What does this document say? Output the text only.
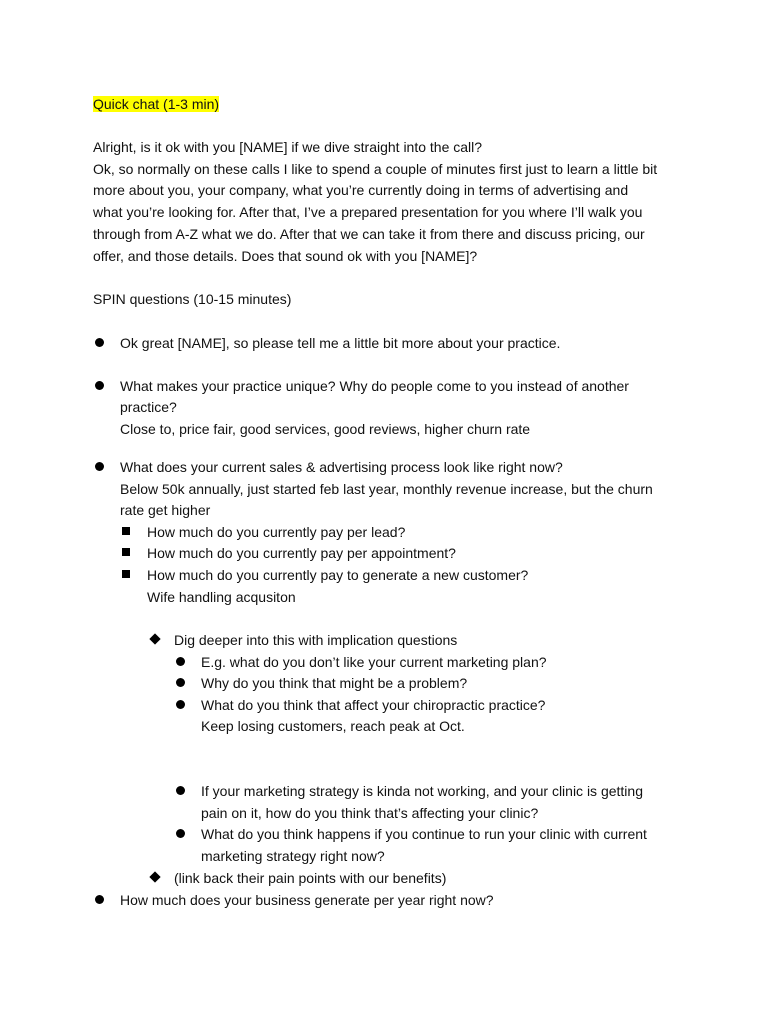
Quick chat (1-3 min)
Alright, is it ok with you [NAME] if we dive straight into the call?
Ok, so normally on these calls I like to spend a couple of minutes first just to learn a little bit
more about you, your company, what you’re currently doing in terms of advertising and
what you’re looking for. After that, I’ve a prepared presentation for you where I’ll walk you
through from A-Z what we do. After that we can take it from there and discuss pricing, our
offer, and those details. Does that sound ok with you [NAME]?
SPIN questions (10-15 minutes)
Ok great [NAME], so please tell me a little bit more about your practice.
What makes your practice unique? Why do people come to you instead of another
practice?
Close to, price fair, good services, good reviews, higher churn rate
What does your current sales & advertising process look like right now?
Below 50k annually, just started feb last year, monthly revenue increase, but the churn
rate get higher
How much do you currently pay per lead?
How much do you currently pay per appointment?
How much do you currently pay to generate a new customer?
Wife handling acqusiton
Dig deeper into this with implication questions
E.g. what do you don’t like your current marketing plan?
Why do you think that might be a problem?
What do you think that affect your chiropractic practice?
Keep losing customers, reach peak at Oct.
If your marketing strategy is kinda not working, and your clinic is getting
pain on it, how do you think that’s affecting your clinic?
What do you think happens if you continue to run your clinic with current
marketing strategy right now?
(link back their pain points with our benefits)
How much does your business generate per year right now?
